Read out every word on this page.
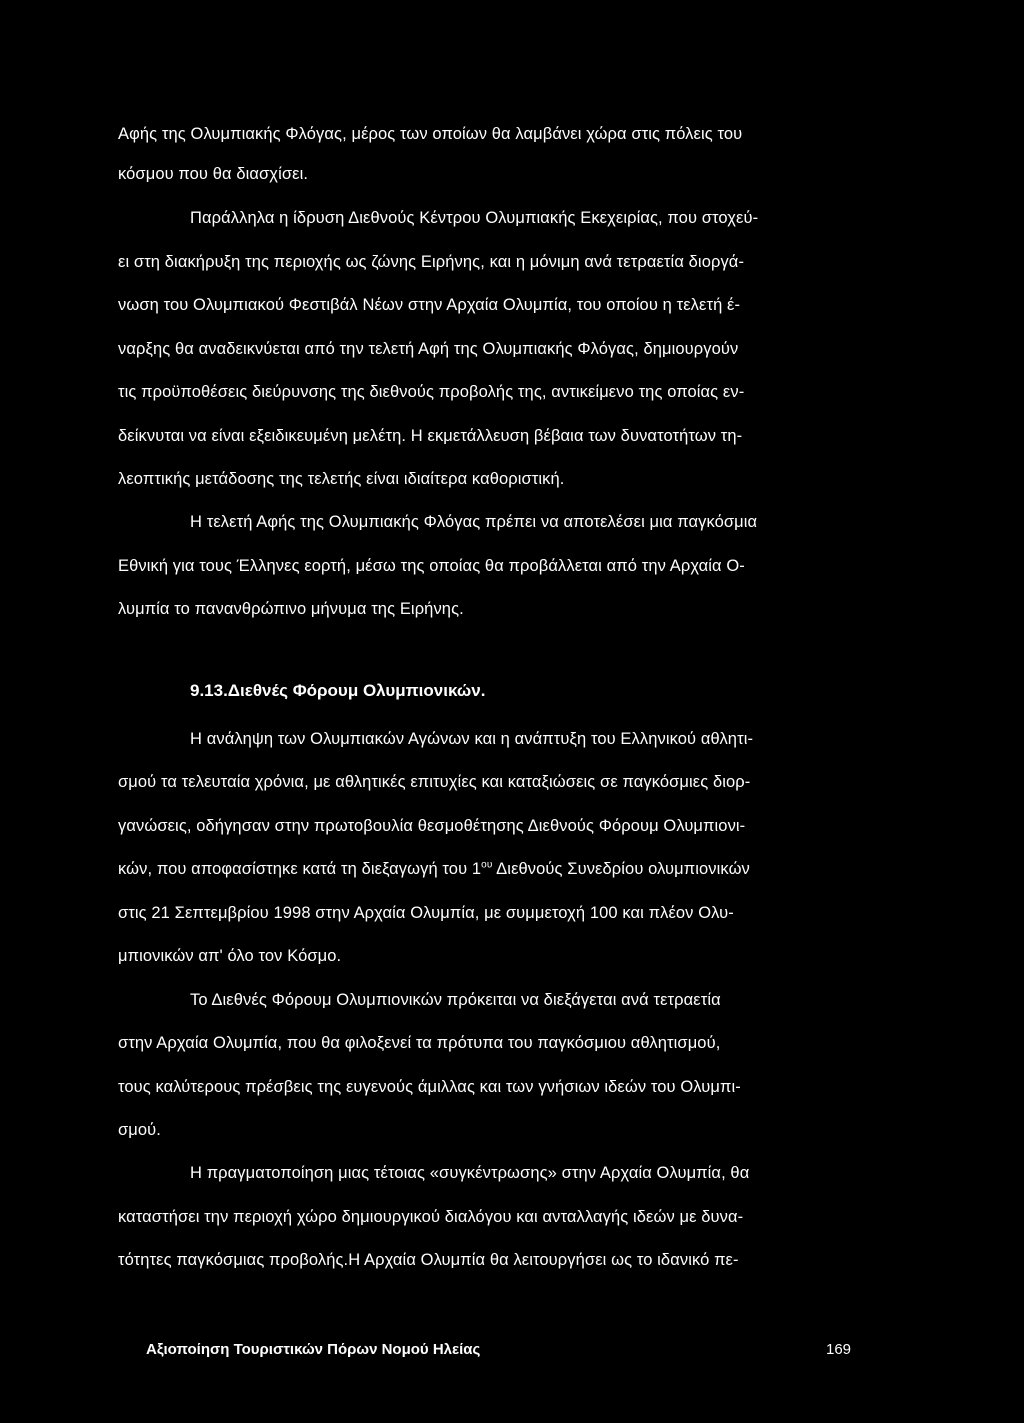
Αφής της Ολυμπιακής Φλόγας, μέρος των οποίων θα λαμβάνει χώρα στις πόλεις του
κόσμου που θα διασχίσει.
Παράλληλα η ίδρυση Διεθνούς Κέντρου Ολυμπιακής Εκεχειρίας, που στοχεύ-
ει στη διακήρυξη της περιοχής ως ζώνης Ειρήνης, και η μόνιμη ανά τετραετία διοργά-
νωση του Ολυμπιακού Φεστιβάλ Νέων στην Αρχαία Ολυμπία, του οποίου η τελετή έ-
ναρξης θα αναδεικνύεται από την τελετή Αφή της Ολυμπιακής Φλόγας, δημιουργούν
τις προϋποθέσεις διεύρυνσης της διεθνούς προβολής της, αντικείμενο της οποίας εν-
δείκνυται να είναι εξειδικευμένη μελέτη. Η εκμετάλλευση βέβαια των δυνατοτήτων τη-
λεοπτικής μετάδοσης της τελετής είναι ιδιαίτερα καθοριστική.
Η τελετή Αφής της Ολυμπιακής Φλόγας πρέπει να αποτελέσει μια παγκόσμια
Εθνική για τους Έλληνες εορτή, μέσω της οποίας θα προβάλλεται από την Αρχαία Ο-
λυμπία το πανανθρώπινο μήνυμα της Ειρήνης.
9.13.Διεθνές Φόρουμ Ολυμπιονικών.
Η ανάληψη των Ολυμπιακών Αγώνων και η ανάπτυξη του Ελληνικού αθλητι-
σμού τα τελευταία χρόνια, με αθλητικές επιτυχίες και καταξιώσεις σε παγκόσμιες διορ-
γανώσεις, οδήγησαν στην πρωτοβουλία θεσμοθέτησης Διεθνούς Φόρουμ Ολυμπιονι-
κών, που αποφασίστηκε κατά τη διεξαγωγή του $1^{o\upsilon}$ Διεθνούς Συνεδρίου ολυμπιονικών
στις 21 Σεπτεμβρίου 1998 στην Αρχαία Ολυμπία, με συμμετοχή 100 και πλέον Ολυ-
μπιονικών απ' όλο τον Κόσμο.
Το Διεθνές Φόρουμ Ολυμπιονικών πρόκειται να διεξάγεται ανά τετραετία
στην Αρχαία Ολυμπία, που θα φιλοξενεί τα πρότυπα του παγκόσμιου αθλητισμού,
τους καλύτερους πρέσβεις της ευγενούς άμιλλας και των γνήσιων ιδεών του Ολυμπι-
σμού.
Η πραγματοποίηση μιας τέτοιας «συγκέντρωσης» στην Αρχαία Ολυμπία, θα
καταστήσει την περιοχή χώρο δημιουργικού διαλόγου και ανταλλαγής ιδεών με δυνα-
τότητες παγκόσμιας προβολής.Η Αρχαία Ολυμπία θα λειτουργήσει ως το ιδανικό πε-
Αξιοποίηση Τουριστικών Πόρων Νομού Ηλείας	169
